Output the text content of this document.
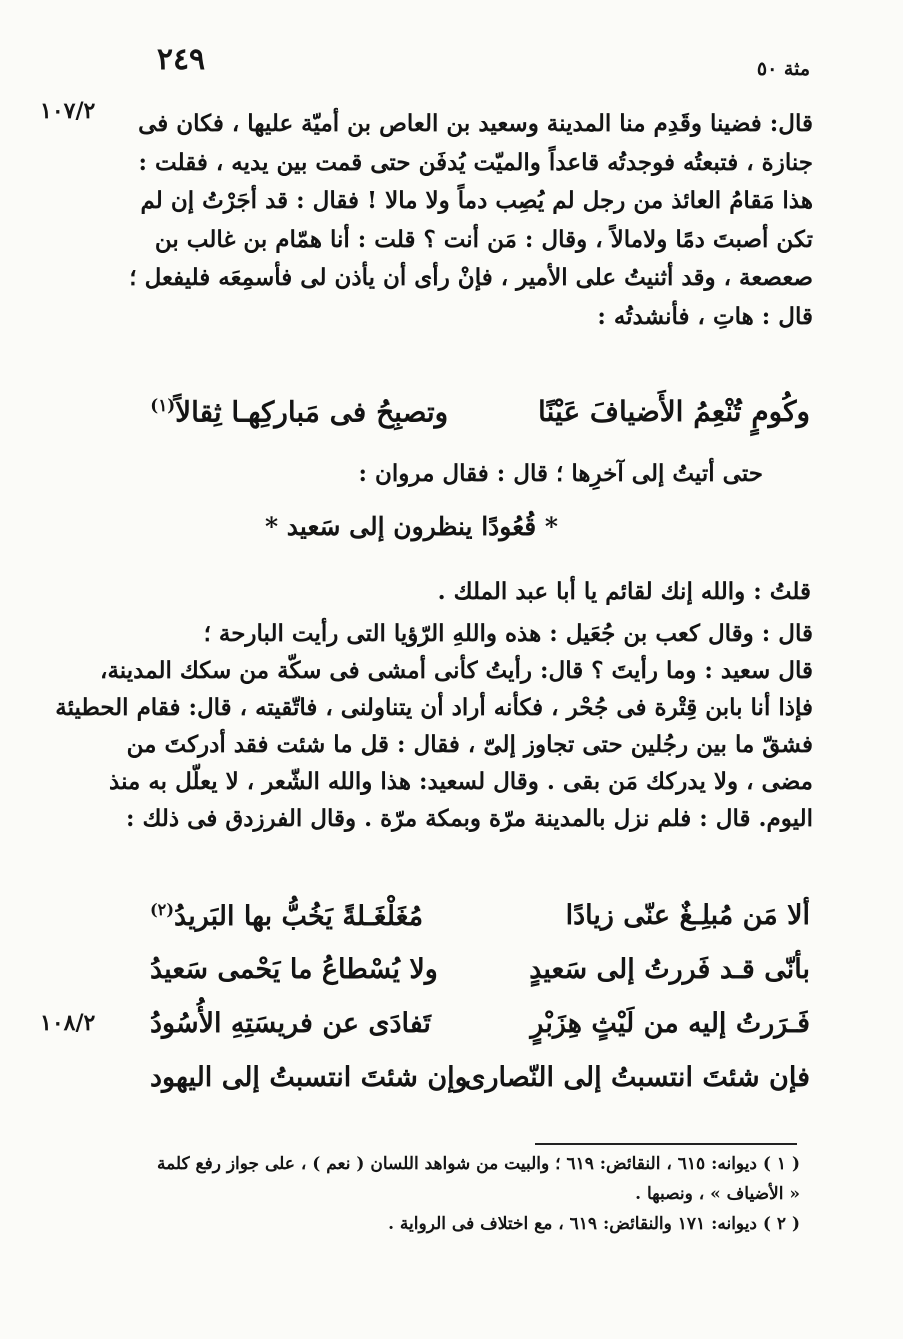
٢٤٩	مثة ٥٠
١٠٧/٢
١٠٨/٢
قال: فضينا وقَدِم منا المدينة وسعيد بن العاص بن أميّة عليها ، فكان فى
جنازة ، فتبعتُه فوجدتُه قاعداً والميّت يُدفَن حتى قمت بين يديه ، فقلت :
هذا مَقامُ العائذ من رجل لم يُصِب دماً ولا مالا ! فقال : قد أجَرْتُ إن لم
تكن أصبتَ دمًا ولامالاً ، وقال : مَن أنت ؟ قلت : أنا همّام بن غالب بن
صعصعة ، وقد أثنيتُ على الأمير ، فإنْ رأى أن يأذن لى فأسمِعَه فليفعل ؛
قال : هاتِ ، فأنشدتُه :
وكُومٍ تُنْعِمُ الأَضيافَ عَيْنًا وتصبِحُ فى مَباركِهـا ثِقالاً$^{(١)}$
حتى أتيتُ إلى آخرِها ؛ قال : فقال مروان :
* قُعُودًا ينظرون إلى سَعيد *
قلتُ : والله إنك لقائم يا أبا عبد الملك .
قال : وقال كعب بن جُعَيل : هذه واللهِ الرّؤيا التى رأيت البارحة ؛
قال سعيد : وما رأيتَ ؟ قال: رأيتُ كأنى أمشى فى سكّة من سكك المدينة،
فإذا أنا بابن قِتْرة فى جُحْر ، فكأنه أراد أن يتناولنى ، فاتّقيته ، قال: فقام الحطيئة
فشقّ ما بين رجُلين حتى تجاوز إلىّ ، فقال : قل ما شئت فقد أدركتَ من
مضى ، ولا يدركك مَن بقى . وقال لسعيد: هذا والله الشّعر ، لا يعلّل به منذ
اليوم. قال : فلم نزل بالمدينة مرّة وبمكة مرّة . وقال الفرزدق فى ذلك :
ألا مَن مُبلِـغٌ عنّى زيادًا
مُغَلْغَـلةً يَخُبُّ بها البَريدُ$^{(٢)}$
بأنّى قـد فَررتُ إلى سَعيدٍ
ولا يُسْطاعُ ما يَحْمى سَعيدُ
فَـرَرتُ إليه من لَيْثٍ هِزَبْرٍ
تَفادَى عن فريسَتِهِ الأُسُودُ
فإن شئتَ انتسبتُ إلى النّصارى
وإن شئتَ انتسبتُ إلى اليهود
( ١ ) ديوانه: ٦١٥ ، النقائض: ٦١٩ ؛ والبيت من شواهد اللسان ( نعم ) ، على جواز رفع كلمة
« الأضياف » ، ونصبها .
( ٢ ) ديوانه: ١٧١ والنقائض: ٦١٩ ، مع اختلاف فى الرواية .
